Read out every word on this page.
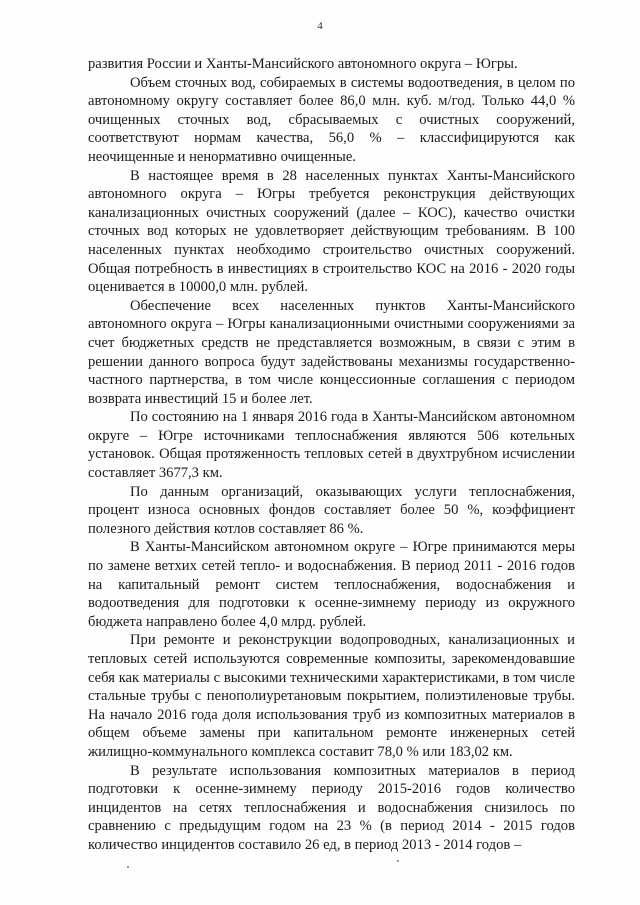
4

развития России и Ханты-Мансийского автономного округа – Югры.

Объем сточных вод, собираемых в системы водоотведения, в целом по автономному округу составляет более 86,0 млн. куб. м/год. Только 44,0 % очищенных сточных вод, сбрасываемых с очистных сооружений, соответствуют нормам качества, 56,0 % – классифицируются как неочищенные и ненормативно очищенные.

В настоящее время в 28 населенных пунктах Ханты-Мансийского автономного округа – Югры требуется реконструкция действующих канализационных очистных сооружений (далее – КОС), качество очистки сточных вод которых не удовлетворяет действующим требованиям. В 100 населенных пунктах необходимо строительство очистных сооружений. Общая потребность в инвестициях в строительство КОС на 2016 - 2020 годы оценивается в 10000,0 млн. рублей.

Обеспечение всех населенных пунктов Ханты-Мансийского автономного округа – Югры канализационными очистными сооружениями за счет бюджетных средств не представляется возможным, в связи с этим в решении данного вопроса будут задействованы механизмы государственно-частного партнерства, в том числе концессионные соглашения с периодом возврата инвестиций 15 и более лет.

По состоянию на 1 января 2016 года в Ханты-Мансийском автономном округе – Югре источниками теплоснабжения являются 506 котельных установок. Общая протяженность тепловых сетей в двухтрубном исчислении составляет 3677,3 км.

По данным организаций, оказывающих услуги теплоснабжения, процент износа основных фондов составляет более 50 %, коэффициент полезного действия котлов составляет 86 %.

В Ханты-Мансийском автономном округе – Югре принимаются меры по замене ветхих сетей тепло- и водоснабжения. В период 2011 - 2016 годов на капитальный ремонт систем теплоснабжения, водоснабжения и водоотведения для подготовки к осенне-зимнему периоду из окружного бюджета направлено более 4,0 млрд. рублей.

При ремонте и реконструкции водопроводных, канализационных и тепловых сетей используются современные композиты, зарекомендовавшие себя как материалы с высокими техническими характеристиками, в том числе стальные трубы с пенополиуретановым покрытием, полиэтиленовые трубы. На начало 2016 года доля использования труб из композитных материалов в общем объеме замены при капитальном ремонте инженерных сетей жилищно-коммунального комплекса составит 78,0 % или 183,02 км.

В результате использования композитных материалов в период подготовки к осенне-зимнему периоду 2015-2016 годов количество инцидентов на сетях теплоснабжения и водоснабжения снизилось по сравнению с предыдущим годом на 23 % (в период 2014 - 2015 годов количество инцидентов составило 26 ед, в период 2013 - 2014 годов –
